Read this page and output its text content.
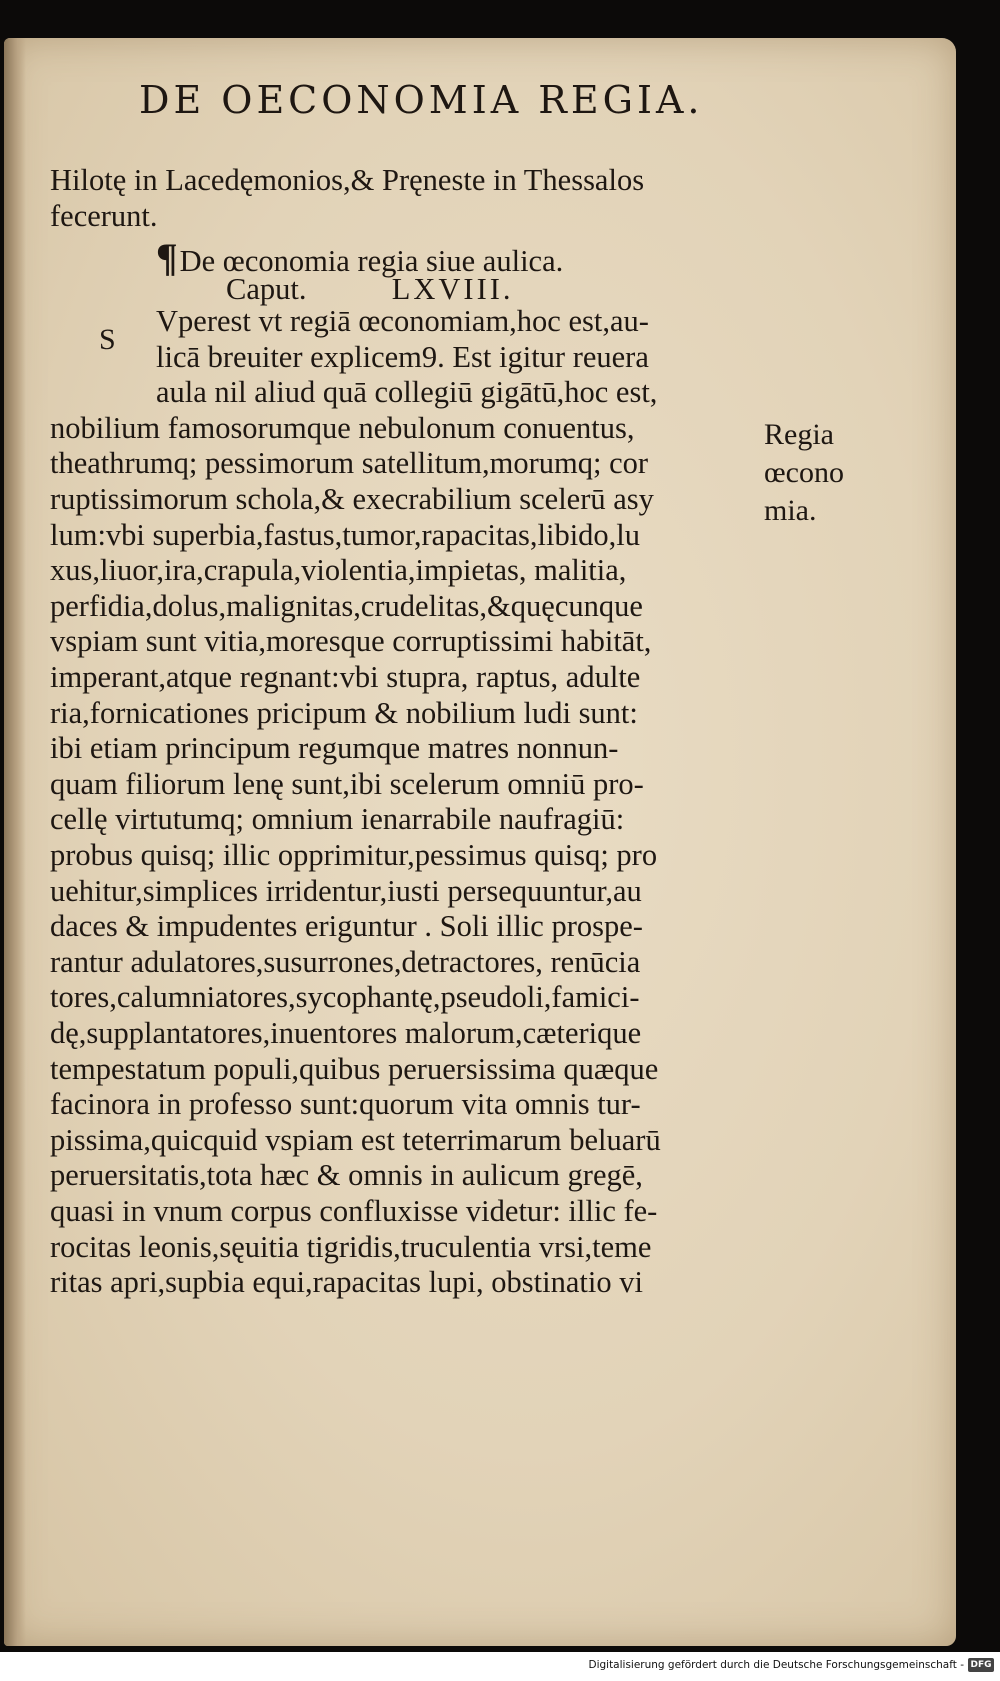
DE OECONOMIA REGIA.
Hilotę in Lacedęmonios,& Pręneste in Thessalos
fecerunt.
¶De œconomia regia siue aulica.
Caput.	LXVIII.
S
Vperest vt regiā œconomiam,hoc est,au-
licā breuiter explicem9. Est igitur reuera
aula nil aliud quā collegiū gigātū,hoc est,
nobilium famosorumque nebulonum conuentus,
theathrumq; pessimorum satellitum,morumq; cor
ruptissimorum schola,& execrabilium scelerū asy
lum:vbi superbia,fastus,tumor,rapacitas,libido,lu
xus,liuor,ira,crapula,violentia,impietas, malitia,
perfidia,dolus,malignitas,crudelitas,&quęcunque
vspiam sunt vitia,moresque corruptissimi habitāt,
imperant,atque regnant:vbi stupra, raptus, adulte
ria,fornicationes pricipum & nobilium ludi sunt:
ibi etiam principum regumque matres nonnun-
quam filiorum lenę sunt,ibi scelerum omniū pro-
cellę virtutumq; omnium ienarrabile naufragiū:
probus quisq; illic opprimitur,pessimus quisq; pro
uehitur,simplices irridentur,iusti persequuntur,au
daces & impudentes eriguntur . Soli illic prospe-
rantur adulatores,susurrones,detractores, renūcia
tores,calumniatores,sycophantę,pseudoli,famici-
dę,supplantatores,inuentores malorum,cæterique
tempestatum populi,quibus peruersissima quæque
facinora in professo sunt:quorum vita omnis tur-
pissima,quicquid vspiam est teterrimarum beluarū
peruersitatis,tota hæc & omnis in aulicum gregē,
quasi in vnum corpus confluxisse videtur: illic fe-
rocitas leonis,sęuitia tigridis,truculentia vrsi,teme
ritas apri,supbia equi,rapacitas lupi, obstinatio vi
Regia
œcono
mia.
Digitalisierung gefördert durch die Deutsche Forschungsgemeinschaft - DFG
